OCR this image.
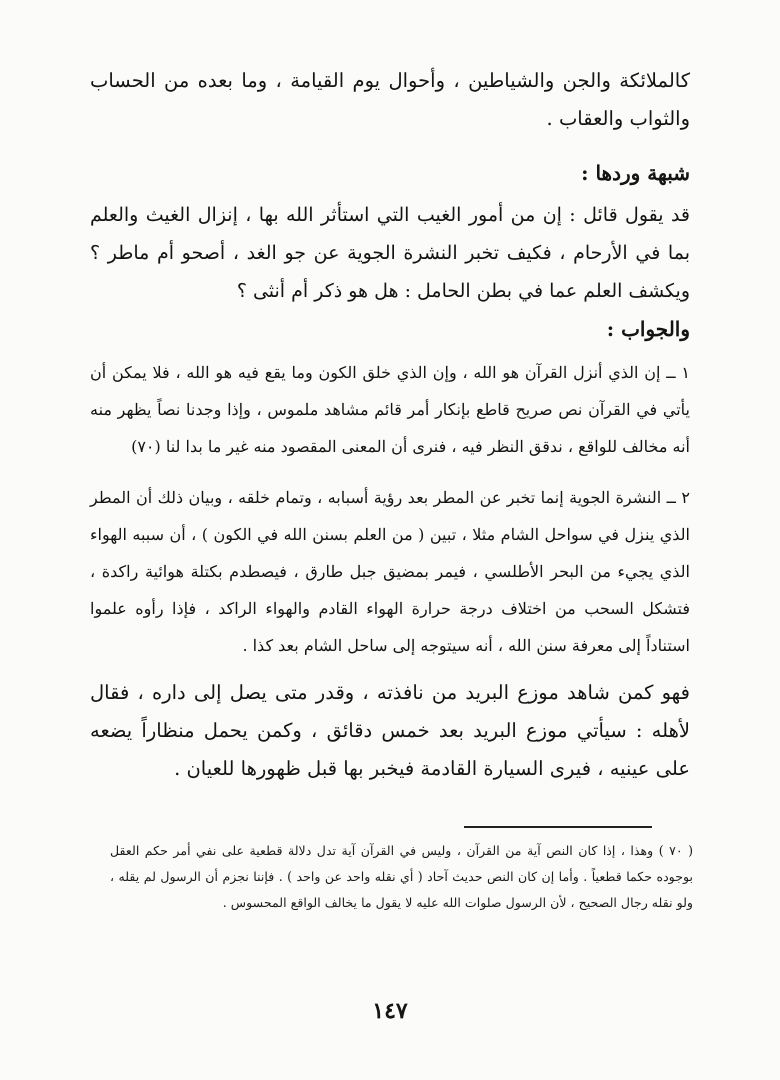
كالملائكة والجن والشياطين ، وأحوال يوم القيامة ، وما بعده من الحساب والثواب والعقاب .

شبهة وردها :

قد يقول قائل : إن من أمور الغيب التي استأثر الله بها ، إنزال الغيث والعلم بما في الأرحام ، فكيف تخبر النشرة الجوية عن جو الغد ، أصحو أم ماطر ؟ ويكشف العلم عما في بطن الحامل : هل هو ذكر أم أنثى ؟

والجواب :

١ ــ إن الذي أنزل القرآن هو الله ، وإن الذي خلق الكون وما يقع فيه هو الله ، فلا يمكن أن يأتي في القرآن نص صريح قاطع بإنكار أمر قائم مشاهد ملموس ، وإذا وجدنا نصاً يظهر منه أنه مخالف للواقع ، ندقق النظر فيه ، فنرى أن المعنى المقصود منه غير ما بدا لنا (٧٠)

٢ ــ النشرة الجوية إنما تخبر عن المطر بعد رؤية أسبابه ، وتمام خلقه ، وبيان ذلك أن المطر الذي ينزل في سواحل الشام مثلا ، تبين ( من العلم بسنن الله في الكون ) ، أن سببه الهواء الذي يجيء من البحر الأطلسي ، فيمر بمضيق جبل طارق ، فيصطدم بكتلة هوائية راكدة ، فتشكل السحب من اختلاف درجة حرارة الهواء القادم والهواء الراكد ، فإذا رأوه علموا استناداً إلى معرفة سنن الله ، أنه سيتوجه إلى ساحل الشام بعد كذا .

فهو كمن شاهد موزع البريد من نافذته ، وقدر متى يصل إلى داره ، فقال لأهله : سيأتي موزع البريد بعد خمس دقائق ، وكمن يحمل منظاراً يضعه على عينيه ، فيرى السيارة القادمة فيخبر بها قبل ظهورها للعيان .

( ٧٠ ) وهذا ، إذا كان النص آية من القرآن ، وليس في القرآن آية تدل دلالة قطعية على نفي أمر حكم العقل بوجوده حكما قطعياً . وأما إن كان النص حديث آحاد ( أي نقله واحد عن واحد ) . فإننا نجزم أن الرسول لم يقله ، ولو نقله رجال الصحيح ، لأن الرسول صلوات الله عليه لا يقول ما يخالف الواقع المحسوس .

١٤٧
